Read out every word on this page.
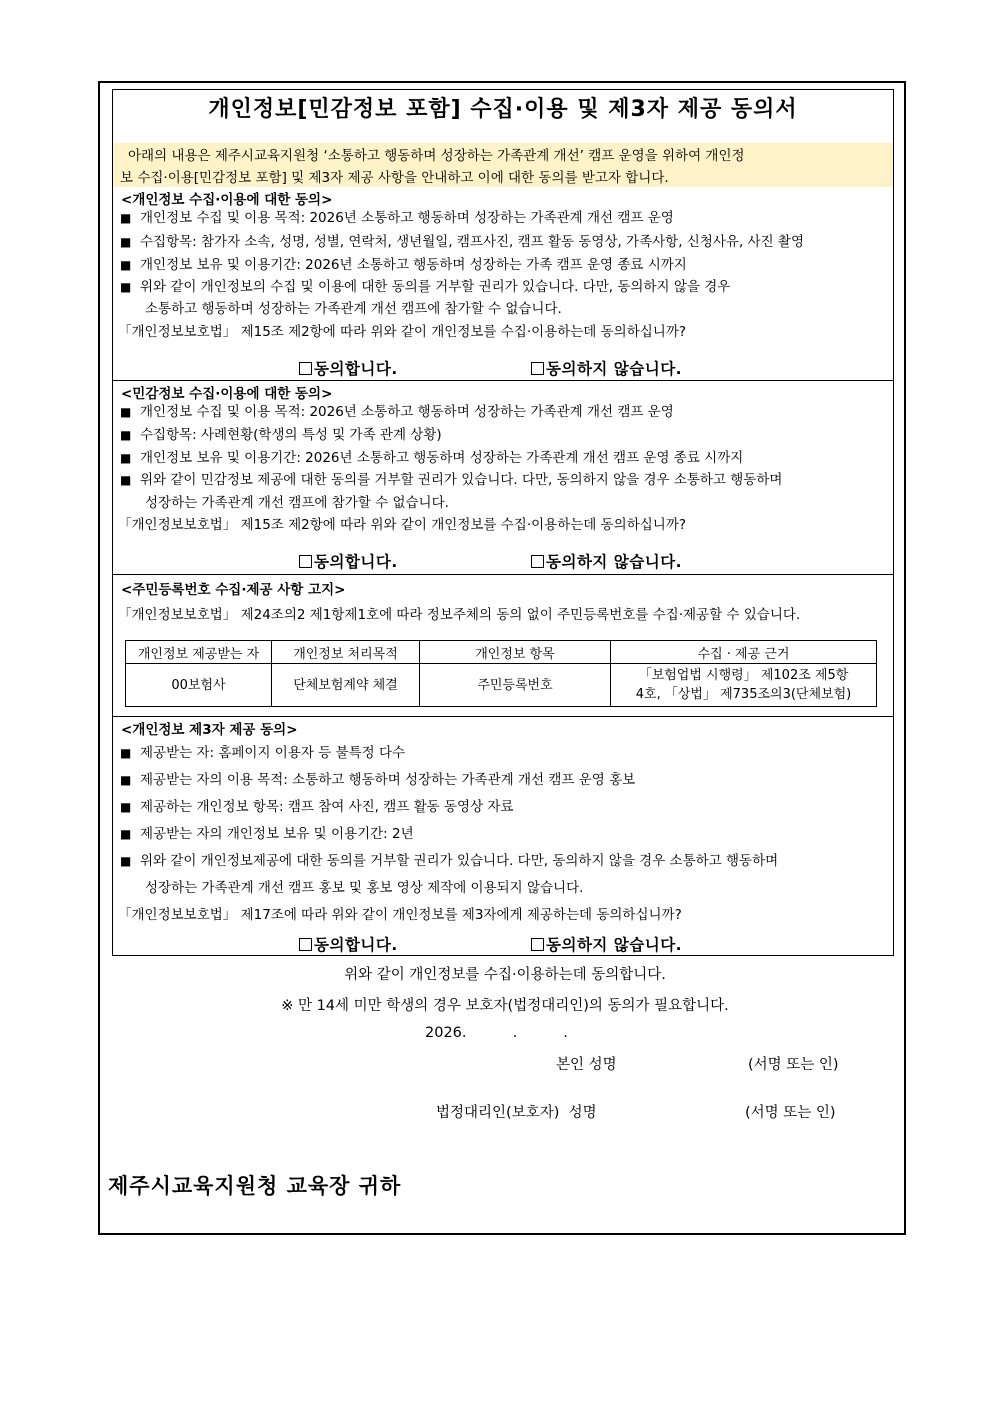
개인정보[민감정보 포함] 수집·이용 및 제3자 제공 동의서
아래의 내용은 제주시교육지원청 ‘소통하고 행동하며 성장하는 가족관계 개선’ 캠프 운영을 위하여 개인정
보 수집·이용[민감정보 포함] 및 제3자 제공 사항을 안내하고 이에 대한 동의를 받고자 합니다.
<개인정보 수집·이용에 대한 동의>
■ 개인정보 수집 및 이용 목적: 2026년 소통하고 행동하며 성장하는 가족관계 개선 캠프 운영
■ 수집항목: 참가자 소속, 성명, 성별, 연락처, 생년월일, 캠프사진, 캠프 활동 동영상, 가족사항, 신청사유, 사진 촬영
■ 개인정보 보유 및 이용기간: 2026년 소통하고 행동하며 성장하는 가족 캠프 운영 종료 시까지
■ 위와 같이 개인정보의 수집 및 이용에 대한 동의를 거부할 권리가 있습니다. 다만, 동의하지 않을 경우
소통하고 행동하며 성장하는 가족관계 개선 캠프에 참가할 수 없습니다.
「개인정보보호법」 제15조 제2항에 따라 위와 같이 개인정보를 수집·이용하는데 동의하십니까?
동의합니다.	동의하지 않습니다.
<민감정보 수집·이용에 대한 동의>
■ 개인정보 수집 및 이용 목적: 2026년 소통하고 행동하며 성장하는 가족관계 개선 캠프 운영
■ 수집항목: 사례현황(학생의 특성 및 가족 관계 상황)
■ 개인정보 보유 및 이용기간: 2026년 소통하고 행동하며 성장하는 가족관계 개선 캠프 운영 종료 시까지
■ 위와 같이 민감정보 제공에 대한 동의를 거부할 권리가 있습니다. 다만, 동의하지 않을 경우 소통하고 행동하며
성장하는 가족관계 개선 캠프에 참가할 수 없습니다.
「개인정보보호법」 제15조 제2항에 따라 위와 같이 개인정보를 수집·이용하는데 동의하십니까?
동의합니다.	동의하지 않습니다.
<주민등록번호 수집·제공 사항 고지>
「개인정보보호법」 제24조의2 제1항제1호에 따라 정보주체의 동의 없이 주민등록번호를 수집·제공할 수 있습니다.
개인정보 제공받는 자	개인정보 처리목적	개인정보 항목	수집 · 제공 근거
00보험사	단체보험계약 체결	주민등록번호	「보험업법 시행령」 제102조 제5항
4호, 「상법」 제735조의3(단체보험)
<개인정보 제3자 제공 동의>
■ 제공받는 자: 홈페이지 이용자 등 불특정 다수
■ 제공받는 자의 이용 목적: 소통하고 행동하며 성장하는 가족관계 개선 캠프 운영 홍보
■ 제공하는 개인정보 항목: 캠프 참여 사진, 캠프 활동 동영상 자료
■ 제공받는 자의 개인정보 보유 및 이용기간: 2년
■ 위와 같이 개인정보제공에 대한 동의를 거부할 권리가 있습니다. 다만, 동의하지 않을 경우 소통하고 행동하며
성장하는 가족관계 개선 캠프 홍보 및 홍보 영상 제작에 이용되지 않습니다.
「개인정보보호법」 제17조에 따라 위와 같이 개인정보를 제3자에게 제공하는데 동의하십니까?
동의합니다.	동의하지 않습니다.
위와 같이 개인정보를 수집·이용하는데 동의합니다.
※ 만 14세 미만 학생의 경우 보호자(법정대리인)의 동의가 필요합니다.
2026.          .          .
본인 성명	(서명 또는 인)
법정대리인(보호자)  성명	(서명 또는 인)
제주시교육지원청 교육장 귀하
